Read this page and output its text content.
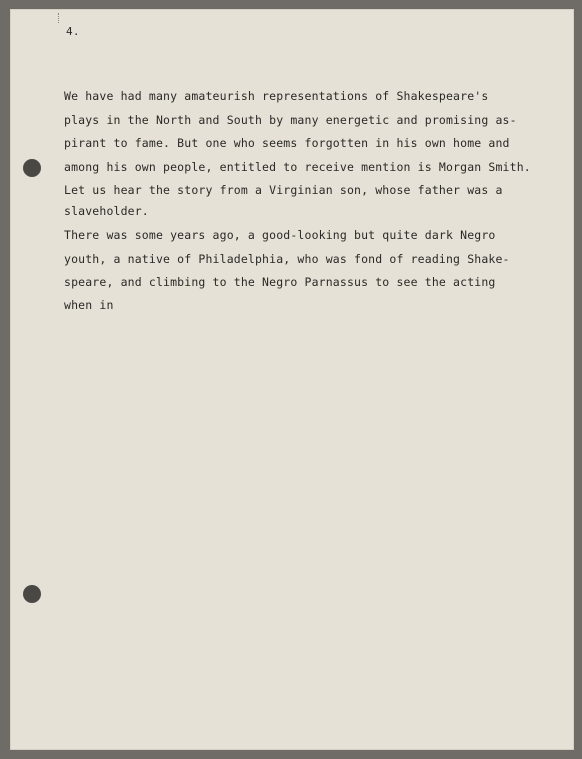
4.
We have had many amateurish representations of Shakespeare's
plays in the North and South by many energetic and promising as-
pirant to fame. But one who seems forgotten in his own home and
among his own people, entitled to receive mention is Morgan Smith.
Let us hear the story from a Virginian son, whose father was a
slaveholder.
There was some years ago, a good-looking but quite dark Negro
youth, a native of Philadelphia, who was fond of reading Shake-
speare, and climbing to the Negro Parnassus to see the acting
when in
